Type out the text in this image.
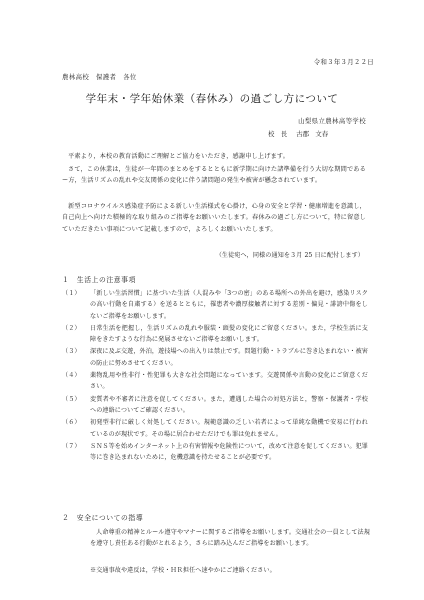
令和３年３月２２日
農林高校　保護者　各位
学年末・学年始休業（春休み）の過ごし方について
山梨県立農林高等学校
校　長 古郡　文春

平素より，本校の教育活動にご理解とご協力をいただき，感謝申し上げます。

さて，この休業は，生徒が一年間のまとめをするとともに新学期に向けた諸準備を行う大切な期間であるー方，生活リズムの乱れや交友関係の変化に伴う諸問題の発生や被害が懸念されています。

新型コロナウイルス感染症予防による新しい生活様式を心掛け，心身の安全と学習・健康増進を意識し，自己向上へ向けた積極的な取り組みのご指導をお願いいたします。春休みの過ごし方について，特に留意していただきたい事項について記載しますので，よろしくお願いいたします。

（生徒宛へ，同様の通知を３月 25 日に配付します）
１　生活上の注意事項
（１）	「新しい生活習慣」に基づいた生活（人混みや「3つの密」のある場所への外出を避け，感染リスクの高い行動を自粛する）を送るとともに，罹患者や濃厚接触者に対する差別・偏見・誹謗中傷をしないご指導をお願いします。
（２）	日常生活を把握し，生活リズムの乱れや服装・頭髪の変化にご留意ください。また，学校生活に支障をきたすような行為に発展させないご指導をお願いします。
（３）	深夜に及ぶ交遊，外泊，遊技場への出入りは禁止です。問題行動・トラブルに巻き込まれない・被害の防止に努めさせてください。
（４）	薬物乱用や性非行・性犯罪も大きな社会問題になっています。交遊関係や言動の変化にご留意ください。
（５）	変質者や不審者に注意を促してください。また，遭遇した場合の対処方法と，警察・保護者・学校への連絡についてご確認ください。
（６）	初発型非行に厳しく対処してください。規範意識の乏しい若者によって単純な動機で安易に行われているのが現状です。その場に居合わせただけでも罪は免れません。
（７）	ＳＮＳ等を始めインターネット上の有害情報や危険性について，改めて注意を促してください。犯罪等に巻き込まれないために，危機意識を持たせることが必要です。
２　安全についての指導

人命尊重の精神とルール遵守やマナーに関するご指導をお願いします。交通社会の一員として法規を遵守し責任ある行動がとれるよう，さらに踏み込んだご指導をお願いします。

※交通事故や違反は，学校・ＨＲ担任へ速やかにご連絡ください。
